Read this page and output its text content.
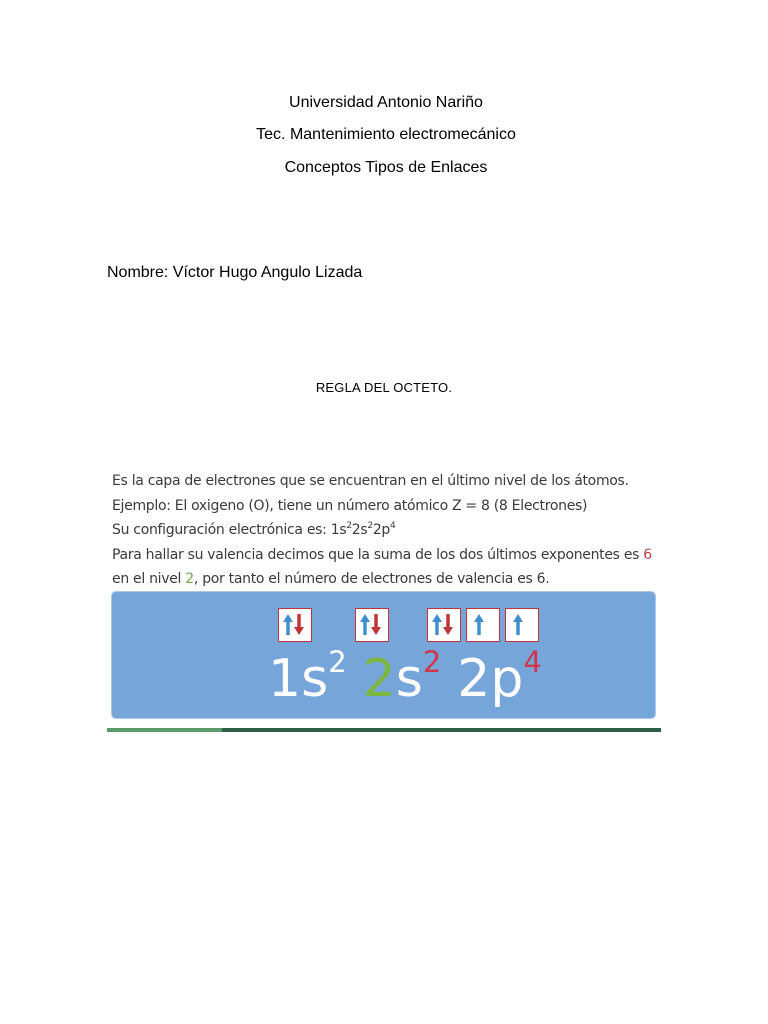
Universidad Antonio Nariño
Tec. Mantenimiento electromecánico
Conceptos Tipos de Enlaces
Nombre: Víctor Hugo Angulo Lizada
REGLA DEL OCTETO.
Es la capa de electrones que se encuentran en el último nivel de los átomos.
Ejemplo: El oxigeno (O), tiene un número atómico Z = 8 (8 Electrones)
Su configuración electrónica es: $1s^22s^22p^4$
Para hallar su valencia decimos que la suma de los dos últimos exponentes es 6
en el nivel 2, por tanto el número de electrones de valencia es 6.
$1s^2$ $2s^2$ $2p^4$
